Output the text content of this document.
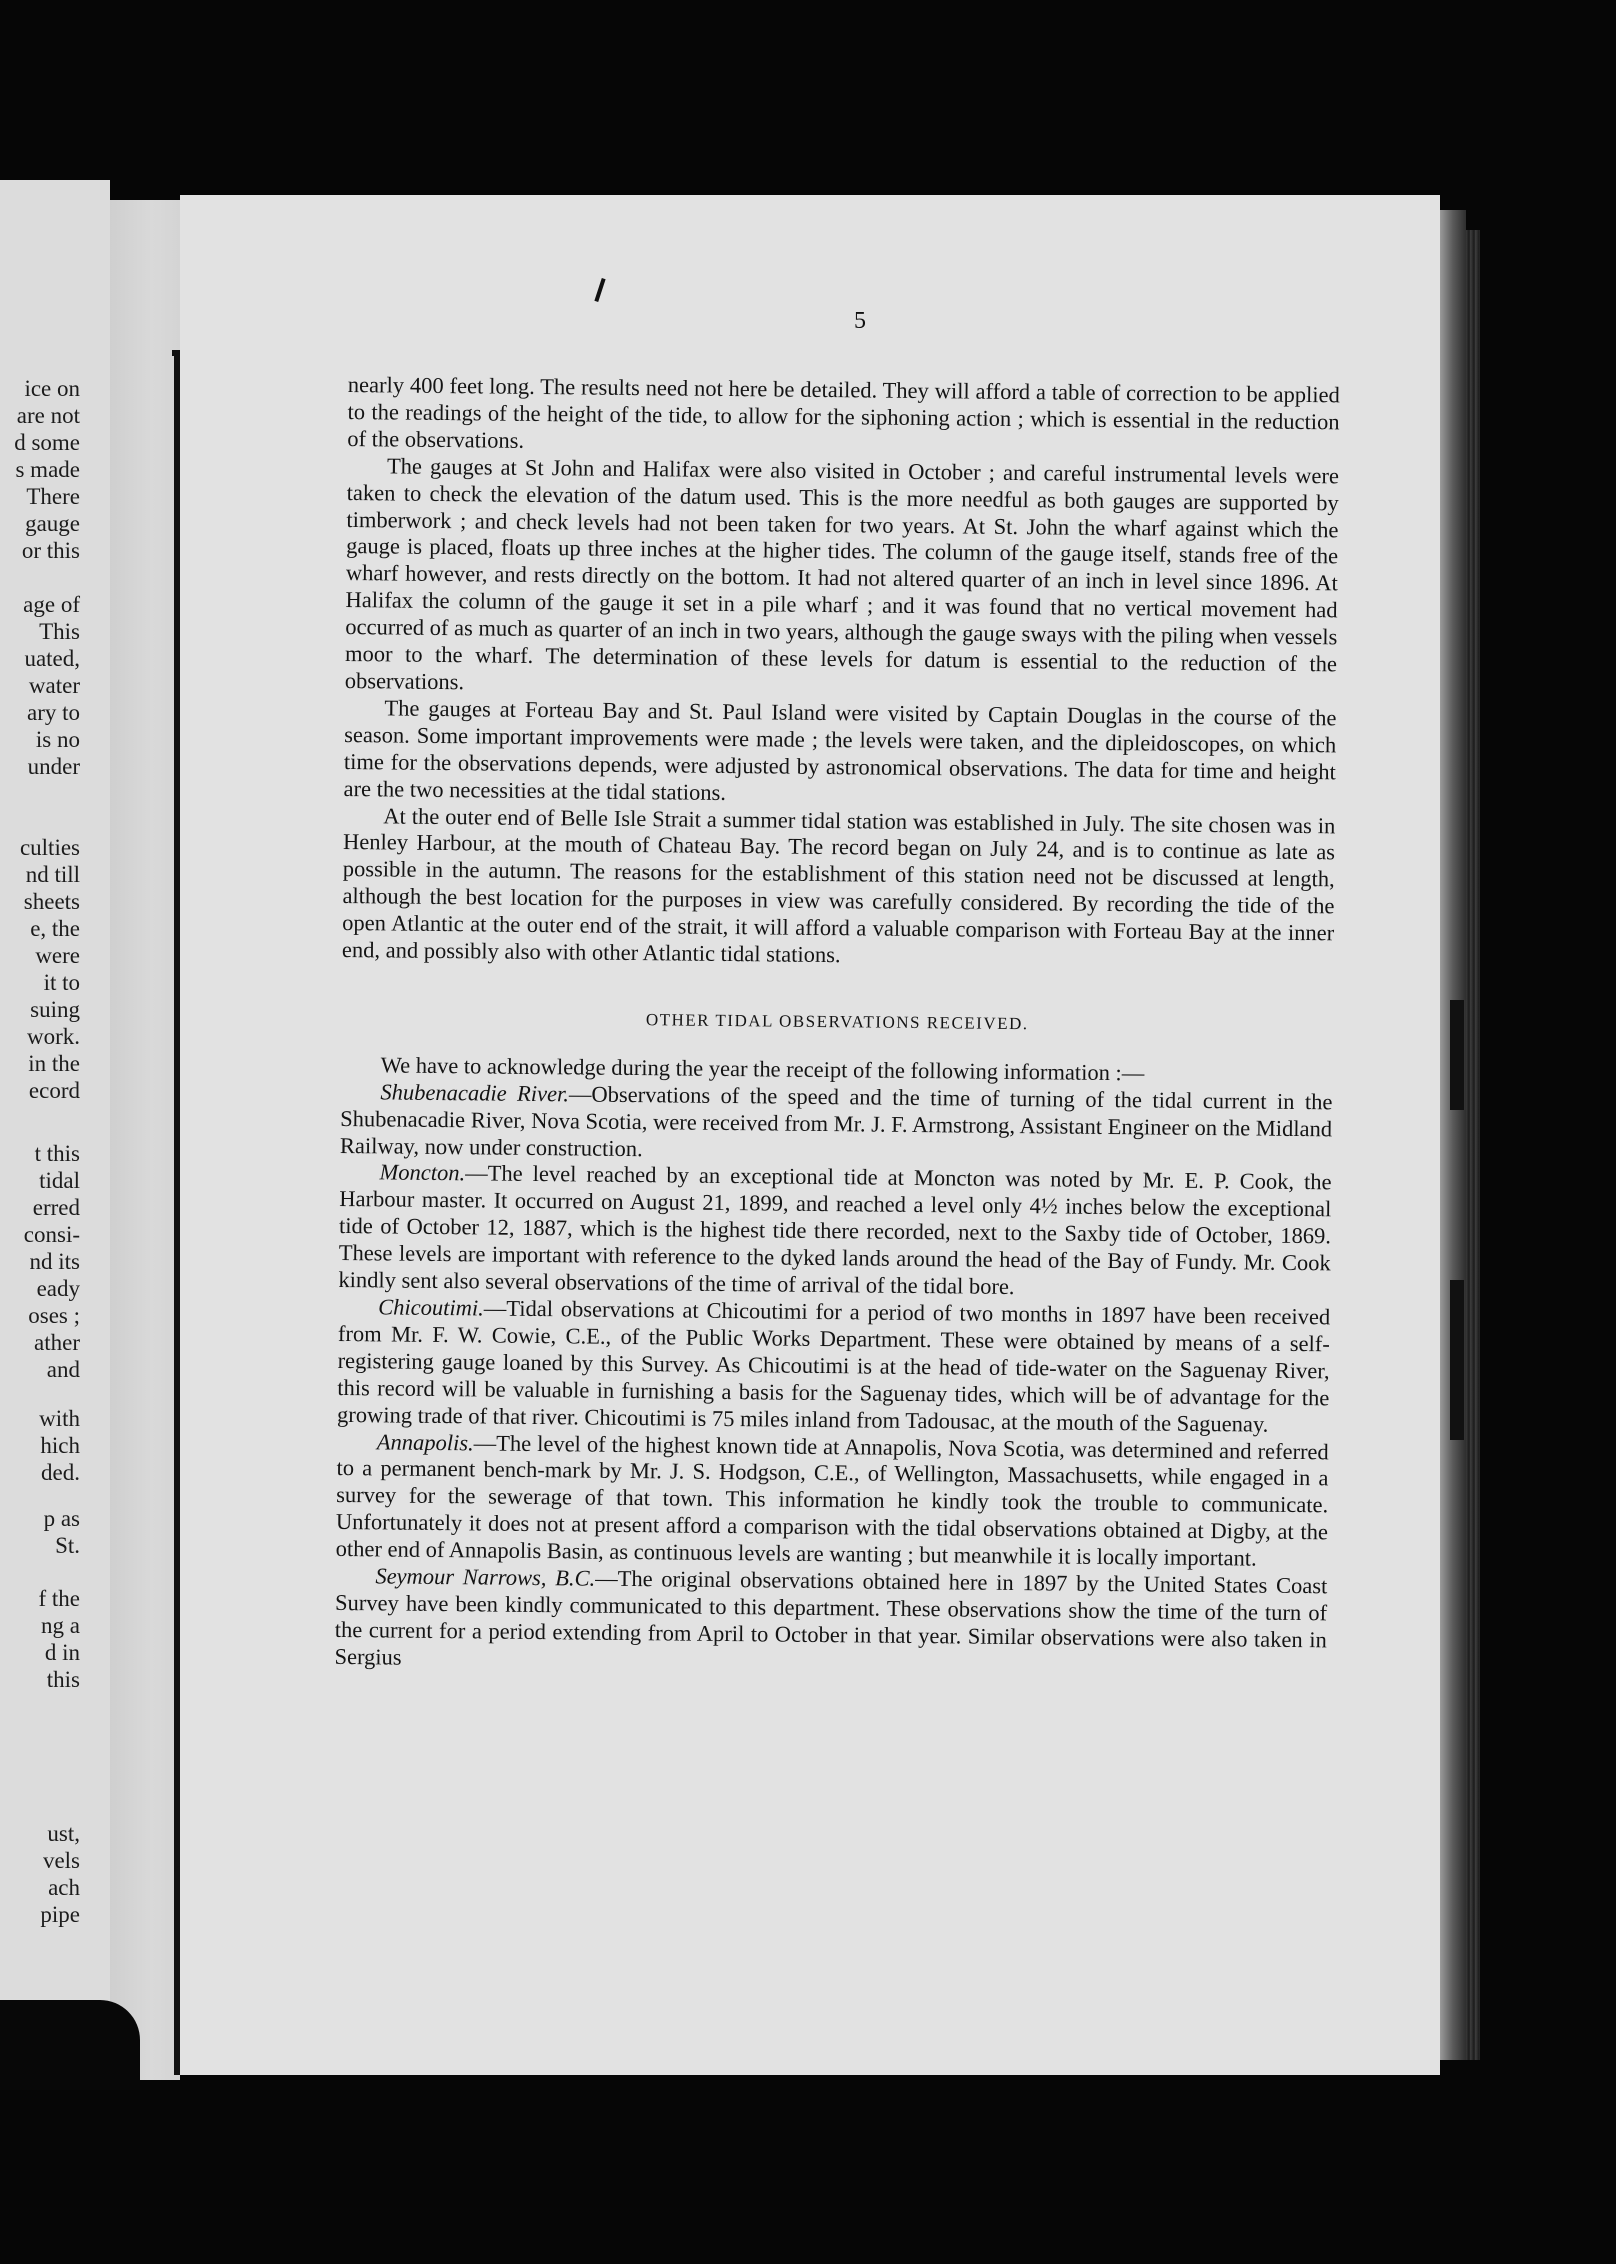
ice on
are not
d some
s made
There
gauge
or this
age of
This
uated,
water
ary to
is no
under
culties
nd till
sheets
e, the
were
it to
suing
work.
in the
ecord
t this
tidal
erred
consi-
nd its
eady
oses ;
ather
and
with
hich
ded.
p as
St.
f the
ng a
d in
this
ust,
vels
ach
pipe
5

nearly 400 feet long. The results need not here be detailed. They will afford a table of correction to be applied to the readings of the height of the tide, to allow for the siphoning action ; which is essential in the reduction of the observations.

The gauges at St John and Halifax were also visited in October ; and careful instrumental levels were taken to check the elevation of the datum used. This is the more needful as both gauges are supported by timberwork ; and check levels had not been taken for two years. At St. John the wharf against which the gauge is placed, floats up three inches at the higher tides. The column of the gauge itself, stands free of the wharf however, and rests directly on the bottom. It had not altered quarter of an inch in level since 1896. At Halifax the column of the gauge it set in a pile wharf ; and it was found that no vertical movement had occurred of as much as quarter of an inch in two years, although the gauge sways with the piling when vessels moor to the wharf. The determination of these levels for datum is essential to the reduction of the observations.

The gauges at Forteau Bay and St. Paul Island were visited by Captain Douglas in the course of the season. Some important improvements were made ; the levels were taken, and the dipleidoscopes, on which time for the observations depends, were adjusted by astronomical observations. The data for time and height are the two necessities at the tidal stations.

At the outer end of Belle Isle Strait a summer tidal station was established in July. The site chosen was in Henley Harbour, at the mouth of Chateau Bay. The record began on July 24, and is to continue as late as possible in the autumn. The reasons for the establishment of this station need not be discussed at length, although the best location for the purposes in view was carefully considered. By recording the tide of the open Atlantic at the outer end of the strait, it will afford a valuable comparison with Forteau Bay at the inner end, and possibly also with other Atlantic tidal stations.

OTHER TIDAL OBSERVATIONS RECEIVED.

We have to acknowledge during the year the receipt of the following information :—

Shubenacadie River.—Observations of the speed and the time of turning of the tidal current in the Shubenacadie River, Nova Scotia, were received from Mr. J. F. Armstrong, Assistant Engineer on the Midland Railway, now under construction.

Moncton.—The level reached by an exceptional tide at Moncton was noted by Mr. E. P. Cook, the Harbour master. It occurred on August 21, 1899, and reached a level only 4½ inches below the exceptional tide of October 12, 1887, which is the highest tide there recorded, next to the Saxby tide of October, 1869. These levels are important with reference to the dyked lands around the head of the Bay of Fundy. Mr. Cook kindly sent also several observations of the time of arrival of the tidal bore.

Chicoutimi.—Tidal observations at Chicoutimi for a period of two months in 1897 have been received from Mr. F. W. Cowie, C.E., of the Public Works Department. These were obtained by means of a self-registering gauge loaned by this Survey. As Chicoutimi is at the head of tide-water on the Saguenay River, this record will be valuable in furnishing a basis for the Saguenay tides, which will be of advantage for the growing trade of that river. Chicoutimi is 75 miles inland from Tadousac, at the mouth of the Saguenay.

Annapolis.—The level of the highest known tide at Annapolis, Nova Scotia, was determined and referred to a permanent bench-mark by Mr. J. S. Hodgson, C.E., of Wellington, Massachusetts, while engaged in a survey for the sewerage of that town. This information he kindly took the trouble to communicate. Unfortunately it does not at present afford a comparison with the tidal observations obtained at Digby, at the other end of Annapolis Basin, as continuous levels are wanting ; but meanwhile it is locally important.

Seymour Narrows, B.C.—The original observations obtained here in 1897 by the United States Coast Survey have been kindly communicated to this department. These observations show the time of the turn of the current for a period extending from April to October in that year. Similar observations were also taken in Sergius
